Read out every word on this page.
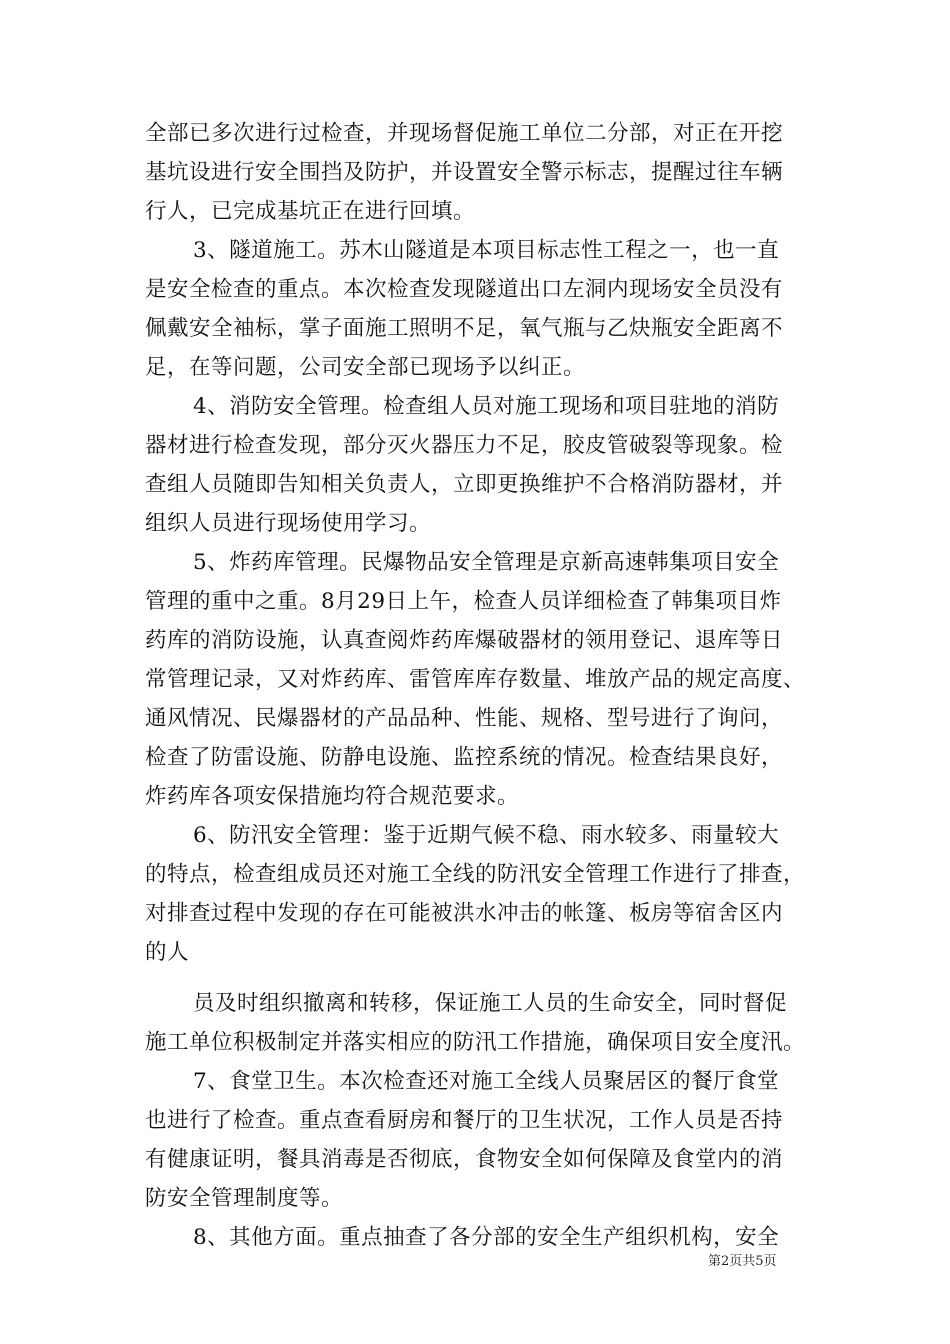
全部已多次进行过检查，并现场督促施工单位二分部，对正在开挖
基坑设进行安全围挡及防护，并设置安全警示标志，提醒过往车辆
行人，已完成基坑正在进行回填。
3、隧道施工。苏木山隧道是本项目标志性工程之一，也一直
是安全检查的重点。本次检查发现隧道出口左洞内现场安全员没有
佩戴安全袖标，掌子面施工照明不足，氧气瓶与乙炔瓶安全距离不
足，在等问题，公司安全部已现场予以纠正。
4、消防安全管理。检查组人员对施工现场和项目驻地的消防
器材进行检查发现，部分灭火器压力不足，胶皮管破裂等现象。检
查组人员随即告知相关负责人，立即更换维护不合格消防器材，并
组织人员进行现场使用学习。
5、炸药库管理。民爆物品安全管理是京新高速韩集项目安全
管理的重中之重。8月29日上午，检查人员详细检查了韩集项目炸
药库的消防设施，认真查阅炸药库爆破器材的领用登记、退库等日
常管理记录，又对炸药库、雷管库库存数量、堆放产品的规定高度、
通风情况、民爆器材的产品品种、性能、规格、型号进行了询问，
检查了防雷设施、防静电设施、监控系统的情况。检查结果良好，
炸药库各项安保措施均符合规范要求。
6、防汛安全管理：鉴于近期气候不稳、雨水较多、雨量较大
的特点，检查组成员还对施工全线的防汛安全管理工作进行了排查，
对排查过程中发现的存在可能被洪水冲击的帐篷、板房等宿舍区内
的人
员及时组织撤离和转移，保证施工人员的生命安全，同时督促
施工单位积极制定并落实相应的防汛工作措施，确保项目安全度汛。
7、食堂卫生。本次检查还对施工全线人员聚居区的餐厅食堂
也进行了检查。重点查看厨房和餐厅的卫生状况，工作人员是否持
有健康证明，餐具消毒是否彻底，食物安全如何保障及食堂内的消
防安全管理制度等。
8、其他方面。重点抽查了各分部的安全生产组织机构，安全
第2页共5页
